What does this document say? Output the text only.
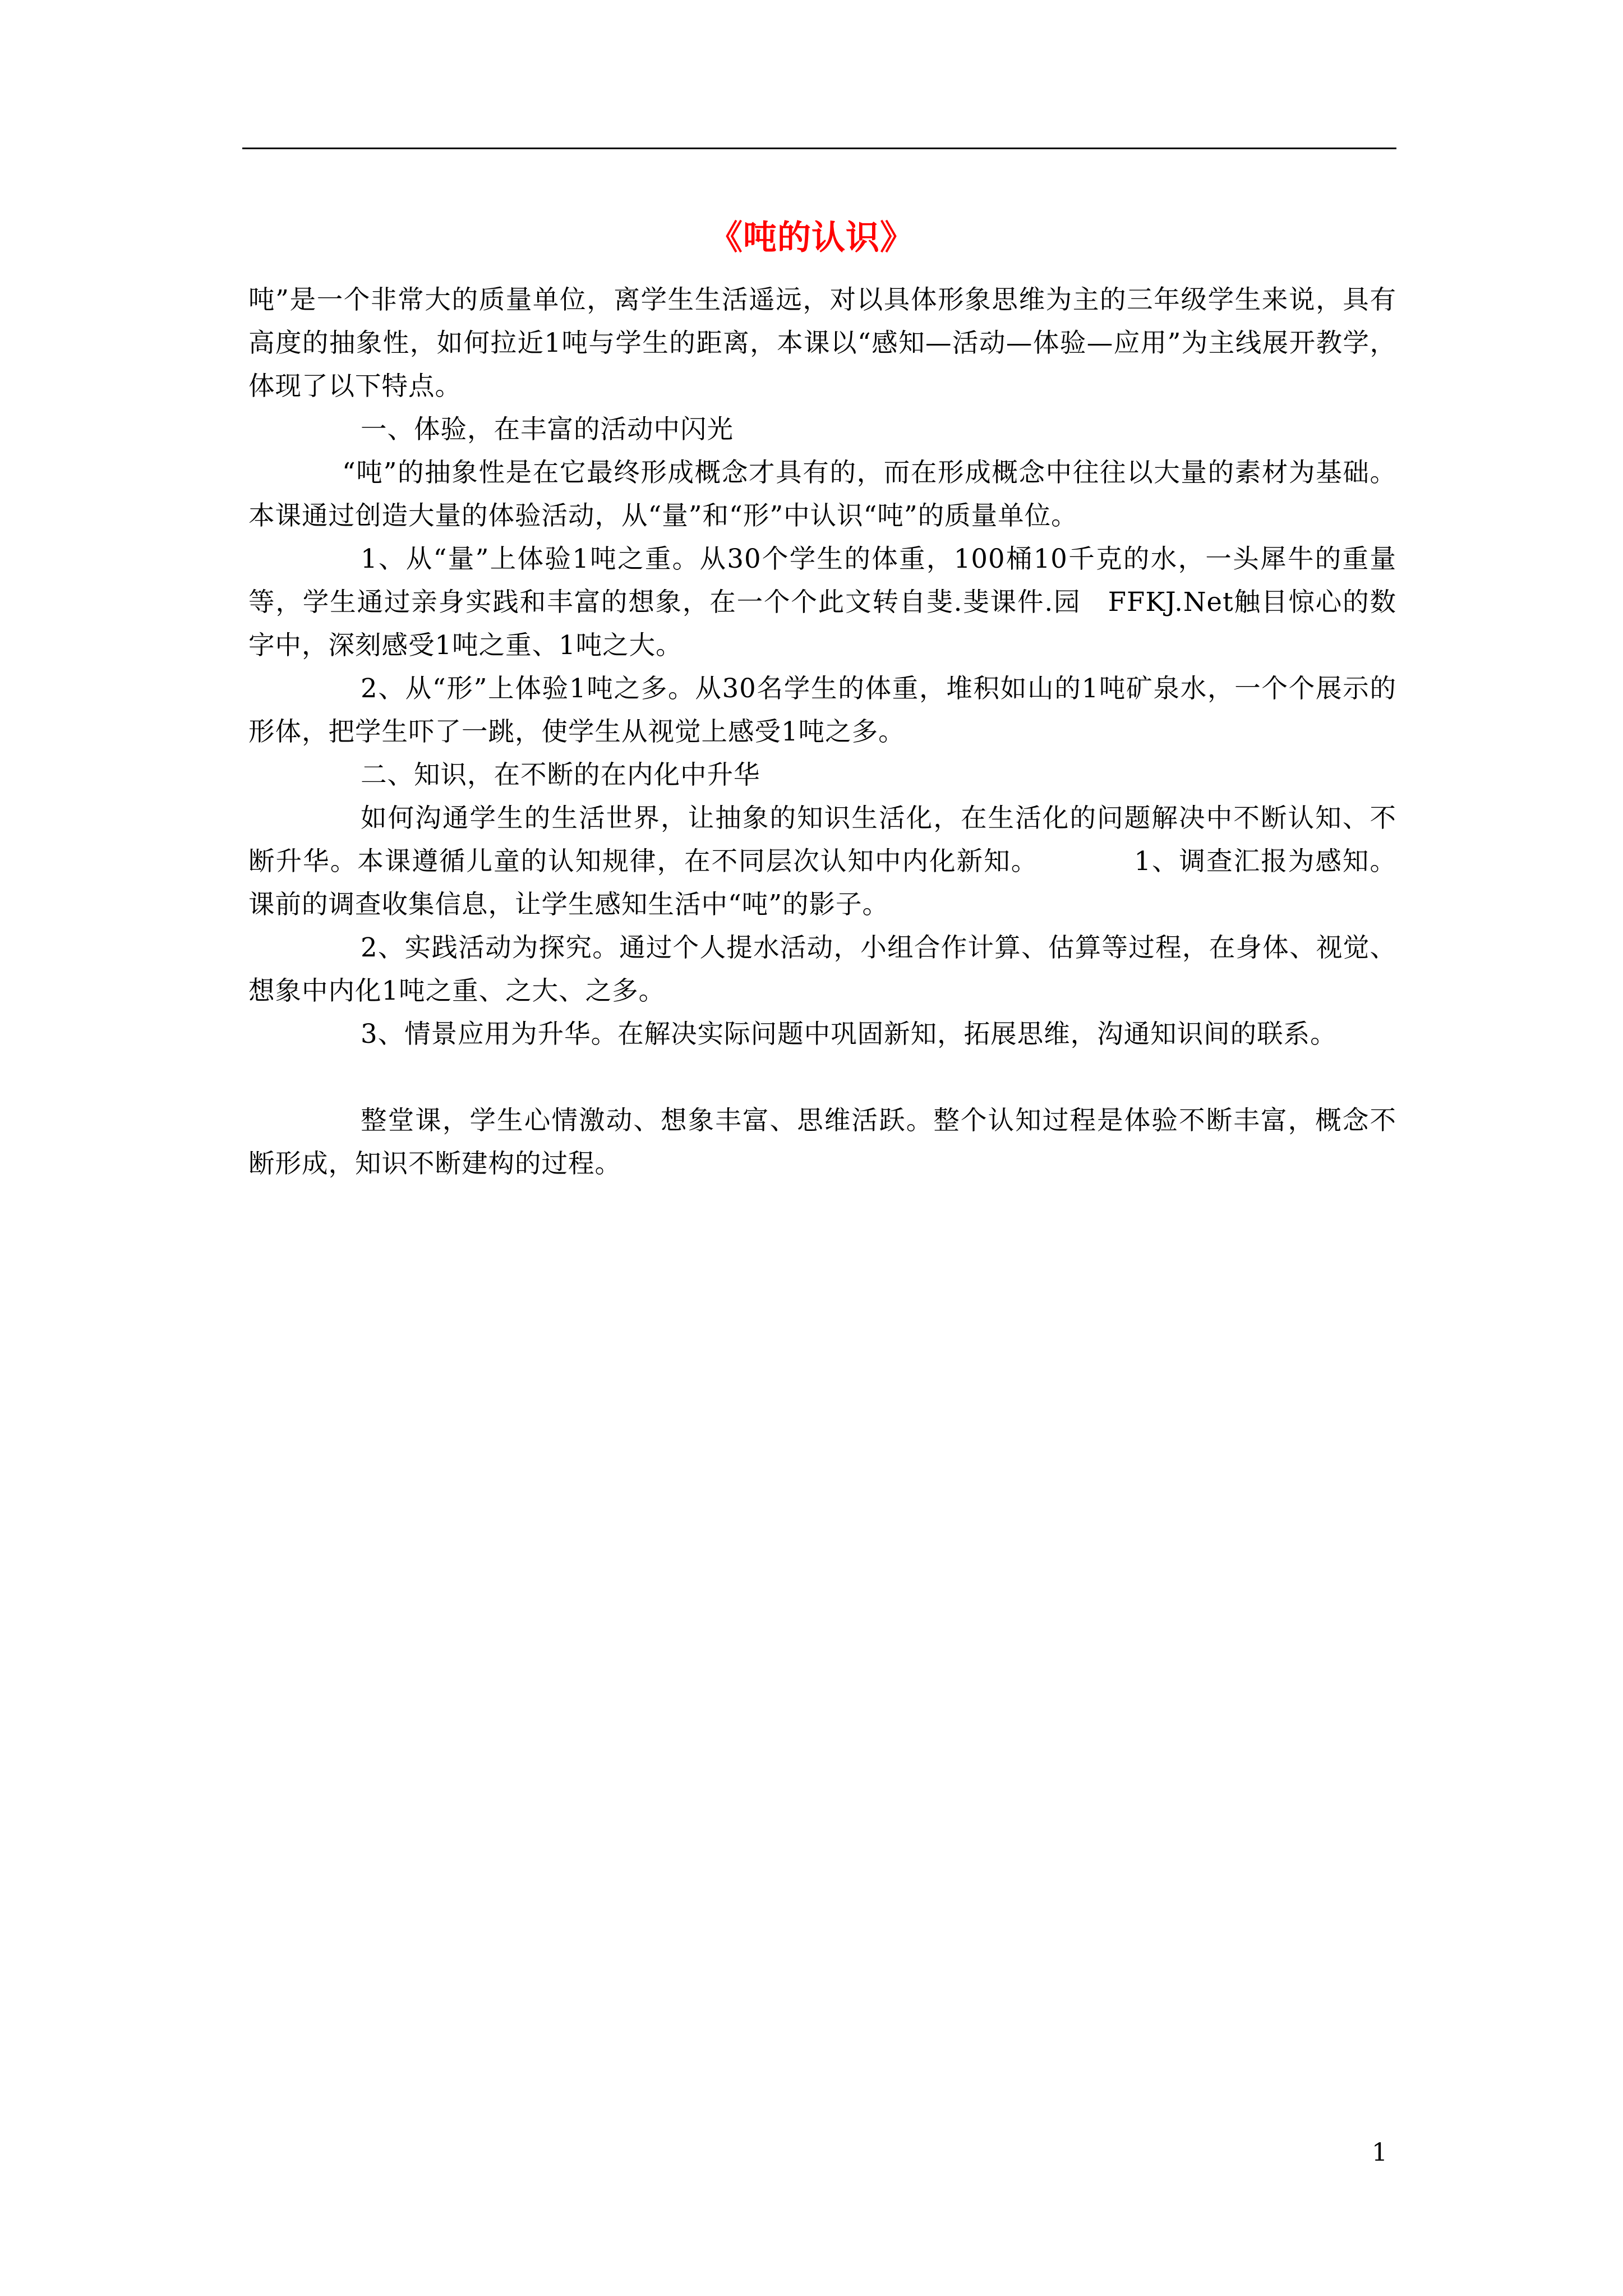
《吨的认识》

吨”是一个非常大的质量单位，离学生生活遥远，对以具体形象思维为主的三年级学生来说，具有高度的抽象性，如何拉近1吨与学生的距离，本课以“感知—活动—体验—应用”为主线展开教学，体现了以下特点。

一、体验，在丰富的活动中闪光

“吨”的抽象性是在它最终形成概念才具有的，而在形成概念中往往以大量的素材为基础。本课通过创造大量的体验活动，从“量”和“形”中认识“吨”的质量单位。

1、从“量”上体验1吨之重。从30个学生的体重，100桶10千克的水，一头犀牛的重量等，学生通过亲身实践和丰富的想象，在一个个此文转自斐.斐课件.园　FFKJ.Net触目惊心的数字中，深刻感受1吨之重、1吨之大。

2、从“形”上体验1吨之多。从30名学生的体重，堆积如山的1吨矿泉水，一个个展示的形体，把学生吓了一跳，使学生从视觉上感受1吨之多。

二、知识，在不断的在内化中升华

如何沟通学生的生活世界，让抽象的知识生活化，在生活化的问题解决中不断认知、不断升华。本课遵循儿童的认知规律，在不同层次认知中内化新知。　　　　1、调查汇报为感知。课前的调查收集信息，让学生感知生活中“吨”的影子。

2、实践活动为探究。通过个人提水活动，小组合作计算、估算等过程，在身体、视觉、想象中内化1吨之重、之大、之多。

3、情景应用为升华。在解决实际问题中巩固新知，拓展思维，沟通知识间的联系。

整堂课，学生心情激动、想象丰富、思维活跃。整个认知过程是体验不断丰富，概念不断形成，知识不断建构的过程。

1
